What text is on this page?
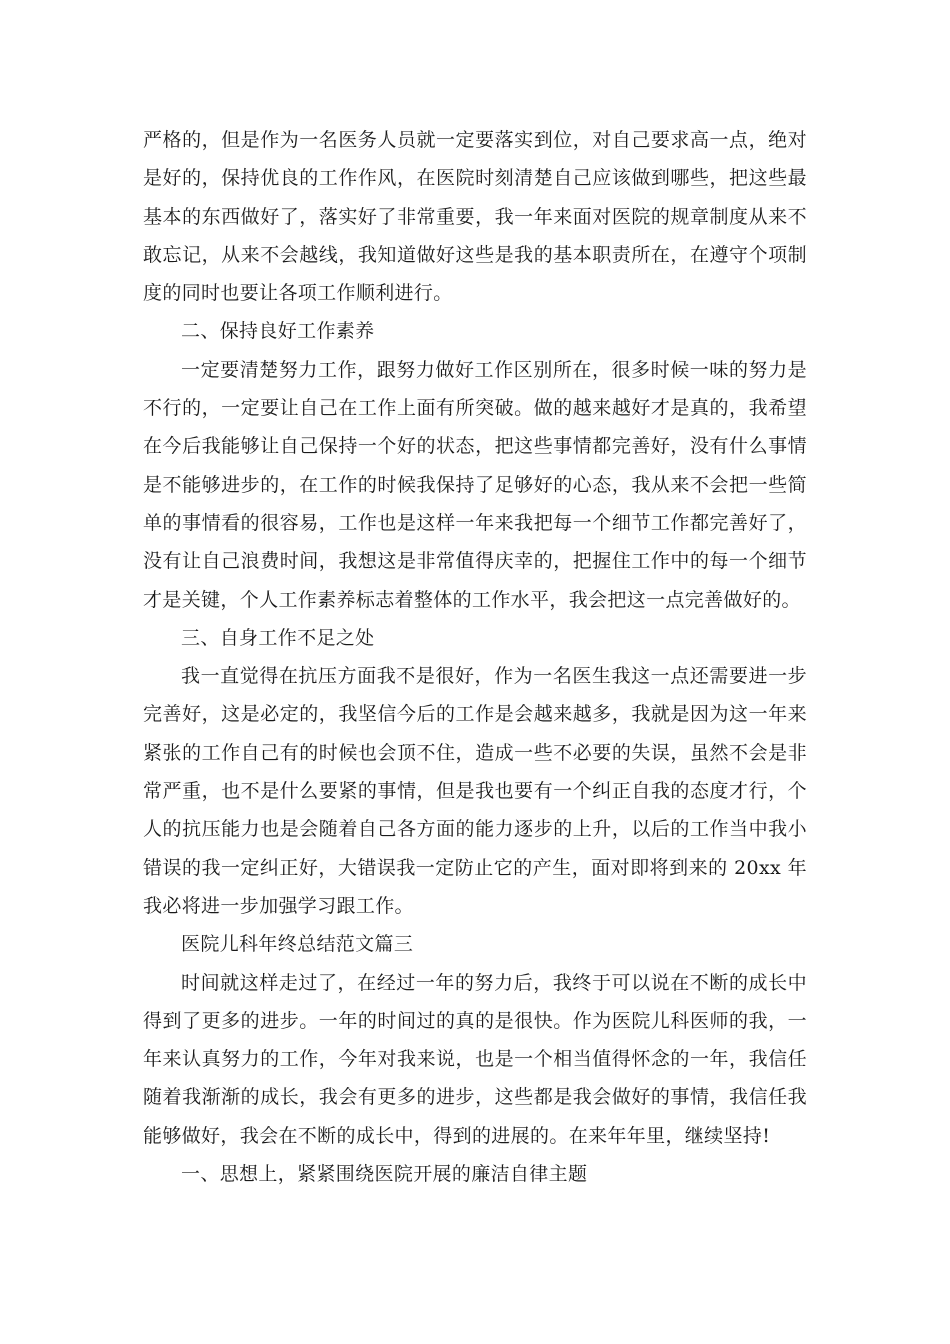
严格的，但是作为一名医务人员就一定要落实到位，对自己要求高一点，绝对是好的，保持优良的工作作风，在医院时刻清楚自己应该做到哪些，把这些最基本的东西做好了，落实好了非常重要，我一年来面对医院的规章制度从来不敢忘记，从来不会越线，我知道做好这些是我的基本职责所在，在遵守个项制度的同时也要让各项工作顺利进行。

二、保持良好工作素养

一定要清楚努力工作，跟努力做好工作区别所在，很多时候一味的努力是不行的，一定要让自己在工作上面有所突破。做的越来越好才是真的，我希望在今后我能够让自己保持一个好的状态，把这些事情都完善好，没有什么事情是不能够进步的，在工作的时候我保持了足够好的心态，我从来不会把一些简单的事情看的很容易，工作也是这样一年来我把每一个细节工作都完善好了，没有让自己浪费时间，我想这是非常值得庆幸的，把握住工作中的每一个细节才是关键，个人工作素养标志着整体的工作水平，我会把这一点完善做好的。

三、自身工作不足之处

我一直觉得在抗压方面我不是很好，作为一名医生我这一点还需要进一步完善好，这是必定的，我坚信今后的工作是会越来越多，我就是因为这一年来紧张的工作自己有的时候也会顶不住，造成一些不必要的失误，虽然不会是非常严重，也不是什么要紧的事情，但是我也要有一个纠正自我的态度才行，个人的抗压能力也是会随着自己各方面的能力逐步的上升，以后的工作当中我小错误的我一定纠正好，大错误我一定防止它的产生，面对即将到来的 20xx 年我必将进一步加强学习跟工作。

医院儿科年终总结范文篇三

时间就这样走过了，在经过一年的努力后，我终于可以说在不断的成长中得到了更多的进步。一年的时间过的真的是很快。作为医院儿科医师的我，一年来认真努力的工作，今年对我来说，也是一个相当值得怀念的一年，我信任随着我渐渐的成长，我会有更多的进步，这些都是我会做好的事情，我信任我能够做好，我会在不断的成长中，得到的进展的。在来年年里，继续坚持!

一、思想上，紧紧围绕医院开展的廉洁自律主题
